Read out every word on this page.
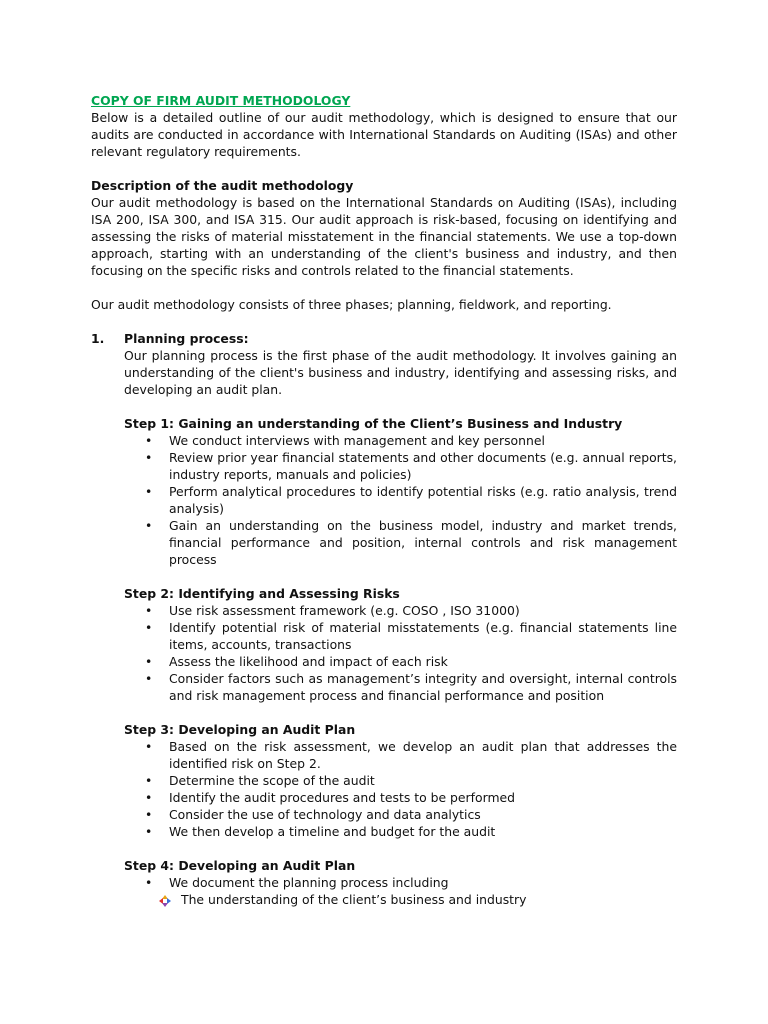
COPY OF FIRM AUDIT METHODOLOGY

Below is a detailed outline of our audit methodology, which is designed to ensure that our audits are conducted in accordance with International Standards on Auditing (ISAs) and other relevant regulatory requirements.

Description of the audit methodology

Our audit methodology is based on the International Standards on Auditing (ISAs), including ISA 200, ISA 300, and ISA 315. Our audit approach is risk-based, focusing on identifying and assessing the risks of material misstatement in the financial statements. We use a top-down approach, starting with an understanding of the client's business and industry, and then focusing on the specific risks and controls related to the financial statements.

Our audit methodology consists of three phases; planning, fieldwork, and reporting.

1. Planning process:

Our planning process is the first phase of the audit methodology. It involves gaining an understanding of the client's business and industry, identifying and assessing risks, and developing an audit plan.

Step 1: Gaining an understanding of the Client’s Business and Industry

• We conduct interviews with management and key personnel
• Review prior year financial statements and other documents (e.g. annual reports, industry reports, manuals and policies)
• Perform analytical procedures to identify potential risks (e.g. ratio analysis, trend analysis)
• Gain an understanding on the business model, industry and market trends, financial performance and position, internal controls and risk management process

Step 2: Identifying and Assessing Risks

• Use risk assessment framework (e.g. COSO , ISO 31000)
• Identify potential risk of material misstatements (e.g. financial statements line items, accounts, transactions
• Assess the likelihood and impact of each risk
• Consider factors such as management’s integrity and oversight, internal controls and risk management process and financial performance and position

Step 3: Developing an Audit Plan

• Based on the risk assessment, we develop an audit plan that addresses the identified risk on Step 2.
• Determine the scope of the audit
• Identify the audit procedures and tests to be performed
• Consider the use of technology and data analytics
• We then develop a timeline and budget for the audit

Step 4: Developing an Audit Plan

• We document the planning process including
The understanding of the client’s business and industry
